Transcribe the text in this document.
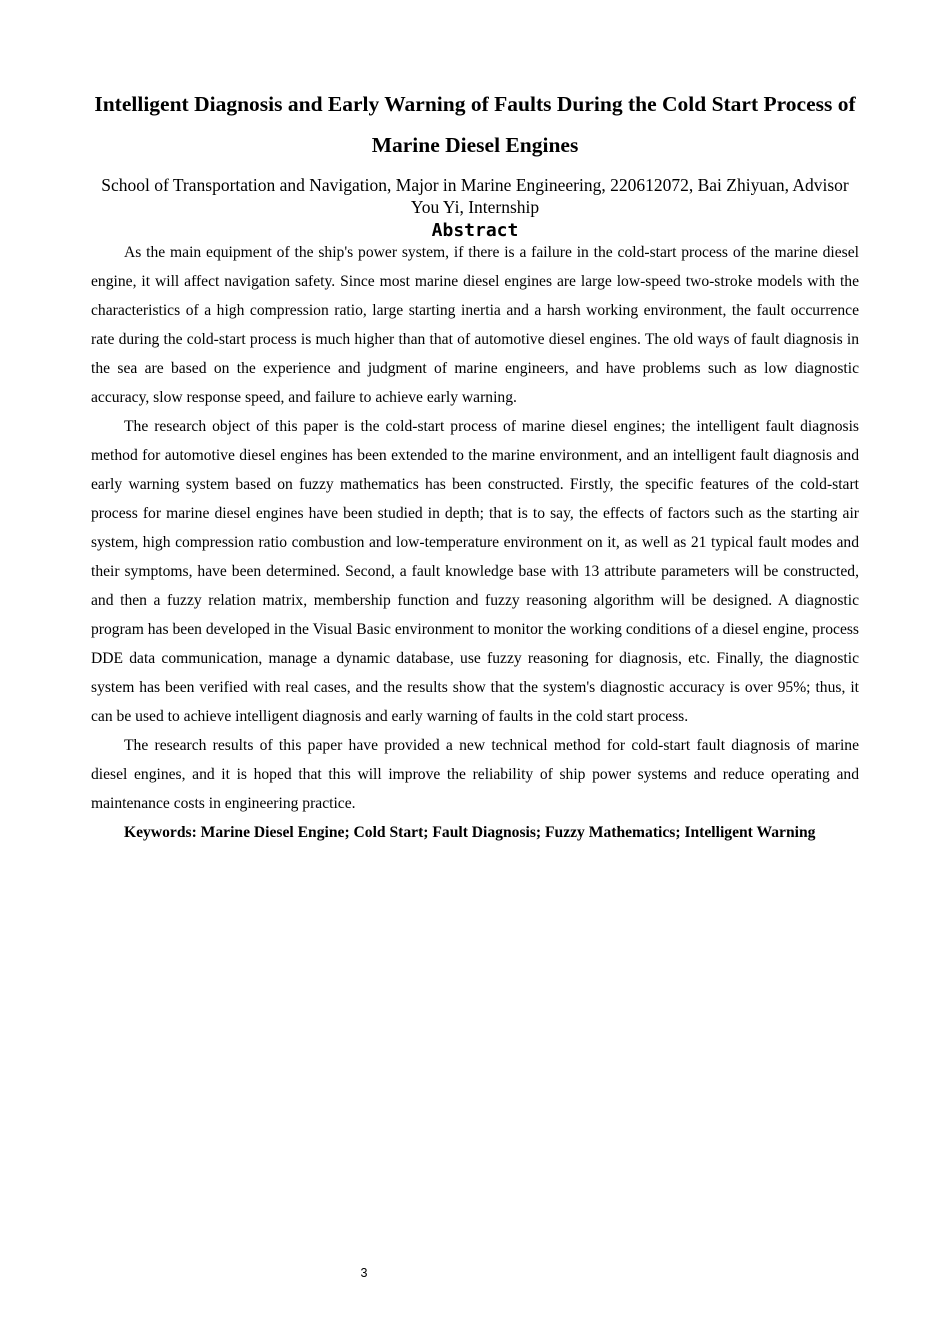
Intelligent Diagnosis and Early Warning of Faults During the Cold Start Process of Marine Diesel Engines

School of Transportation and Navigation, Major in Marine Engineering, 220612072, Bai Zhiyuan, Advisor You Yi, Internship

Abstract

As the main equipment of the ship's power system, if there is a failure in the cold-start process of the marine diesel engine, it will affect navigation safety. Since most marine diesel engines are large low-speed two-stroke models with the characteristics of a high compression ratio, large starting inertia and a harsh working environment, the fault occurrence rate during the cold-start process is much higher than that of automotive diesel engines. The old ways of fault diagnosis in the sea are based on the experience and judgment of marine engineers, and have problems such as low diagnostic accuracy, slow response speed, and failure to achieve early warning.

The research object of this paper is the cold-start process of marine diesel engines; the intelligent fault diagnosis method for automotive diesel engines has been extended to the marine environment, and an intelligent fault diagnosis and early warning system based on fuzzy mathematics has been constructed. Firstly, the specific features of the cold-start process for marine diesel engines have been studied in depth; that is to say, the effects of factors such as the starting air system, high compression ratio combustion and low-temperature environment on it, as well as 21 typical fault modes and their symptoms, have been determined. Second, a fault knowledge base with 13 attribute parameters will be constructed, and then a fuzzy relation matrix, membership function and fuzzy reasoning algorithm will be designed. A diagnostic program has been developed in the Visual Basic environment to monitor the working conditions of a diesel engine, process DDE data communication, manage a dynamic database, use fuzzy reasoning for diagnosis, etc. Finally, the diagnostic system has been verified with real cases, and the results show that the system's diagnostic accuracy is over 95%; thus, it can be used to achieve intelligent diagnosis and early warning of faults in the cold start process.

The research results of this paper have provided a new technical method for cold-start fault diagnosis of marine diesel engines, and it is hoped that this will improve the reliability of ship power systems and reduce operating and maintenance costs in engineering practice.

Keywords: Marine Diesel Engine; Cold Start; Fault Diagnosis; Fuzzy Mathematics; Intelligent Warning

3
